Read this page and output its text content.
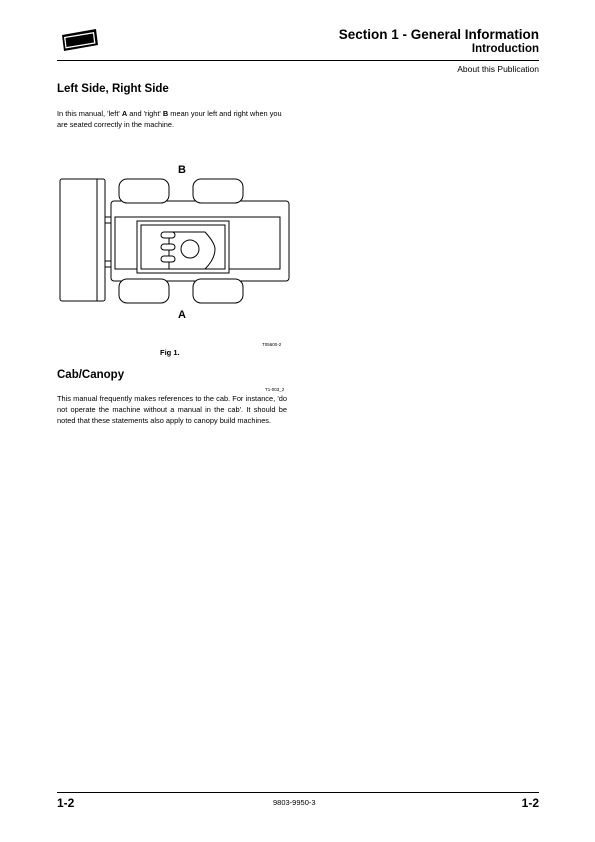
Section 1 - General Information
Introduction
About this Publication
Left Side, Right Side
In this manual, 'left' A and 'right' B mean your left and right when you are seated correctly in the machine.
B
A
T05600-2
Fig 1.
Cab/Canopy
T1-003_2
This manual frequently makes references to the cab. For instance, 'do not operate the machine without a manual in the cab'. It should be noted that these statements also apply to canopy build machines.
1-2	9803-9950-3	1-2
